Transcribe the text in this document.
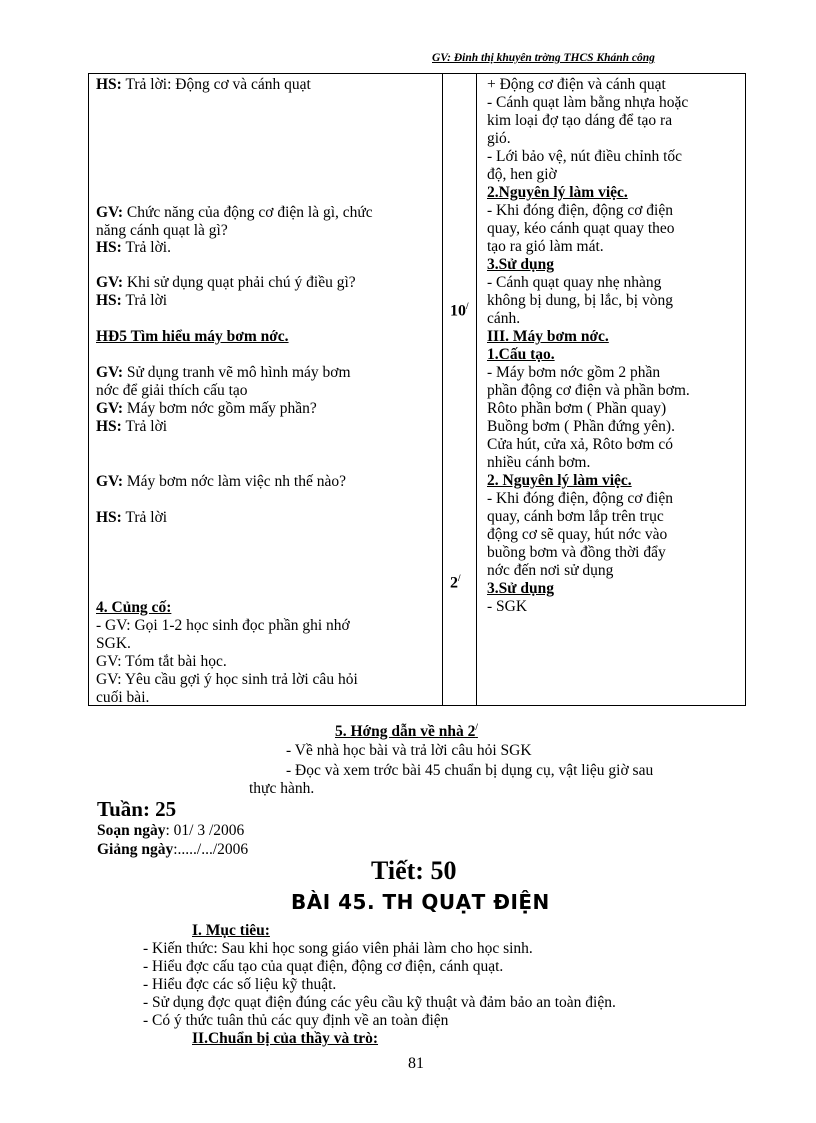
GV: Đinh thị khuyên trờng THCS Khánh công
HS: Trả lời: Động cơ và cánh quạt
GV: Chức năng của động cơ điện là gì, chức
năng cánh quạt là gì?
HS: Trả lời.
GV: Khi sử dụng quạt phải chú ý điều gì?
HS: Trả lời
HĐ5 Tìm hiểu máy bơm nớc.
GV: Sử dụng tranh vẽ mô hình máy bơm
nớc để giải thích cấu tạo
GV: Máy bơm nớc gồm mấy phần?
HS: Trả lời
GV: Máy bơm nớc làm việc nh thế nào?
HS: Trả lời
4. Củng cố:
- GV: Gọi 1-2 học sinh đọc phần ghi nhớ
SGK.
GV: Tóm tắt bài học.
GV: Yêu cầu gợi ý học sinh trả lời câu hỏi
cuối bài.
10/
2/
+ Động cơ điện và cánh quạt
- Cánh quạt làm bằng nhựa hoặc
kim loại đợ tạo dáng để tạo ra
gió.
- Lới bảo vệ, nút điều chỉnh tốc
độ, hen giờ
2.Nguyên lý làm việc.
- Khi đóng điện, động cơ điện
quay, kéo cánh quạt quay theo
tạo ra gió làm mát.
3.Sử dụng
- Cánh quạt quay nhẹ nhàng
không bị dung, bị lắc, bị vòng
cánh.
III. Máy bơm nớc.
1.Cấu tạo.
- Máy bơm nớc gồm 2 phần
phần động cơ điện và phần bơm.
Rôto phần bơm ( Phần quay)
Buồng bơm ( Phần đứng yên).
Cửa hút, cửa xả, Rôto bơm có
nhiều cánh bơm.
2. Nguyên lý làm việc.
- Khi đóng điện, động cơ điện
quay, cánh bơm lắp trên trục
động cơ sẽ quay, hút nớc vào
buồng bơm và đồng thời đẩy
nớc đến nơi sử dụng
3.Sử dụng
- SGK
5. Hớng dẫn về nhà 2/
- Về nhà học bài và trả lời câu hỏi SGK
- Đọc và xem trớc bài 45 chuẩn bị dụng cụ, vật liệu giờ sau
thực hành.
Tuần: 25
Soạn ngày: 01/ 3 /2006
Giảng ngày:...../.../2006
Tiết: 50
BÀI 45. TH QUẠT ĐIỆN
I. Mục tiêu:
- Kiến thức: Sau khi học song giáo viên phải làm cho học sinh.
- Hiểu đợc cấu tạo của quạt điện, động cơ điện, cánh quạt.
- Hiểu đợc các số liệu kỹ thuật.
- Sử dụng đợc quạt điện đúng các yêu cầu kỹ thuật và đảm bảo an toàn điện.
- Có ý thức tuân thủ các quy định về an toàn điện
II.Chuẩn bị của thầy và trò:
81
